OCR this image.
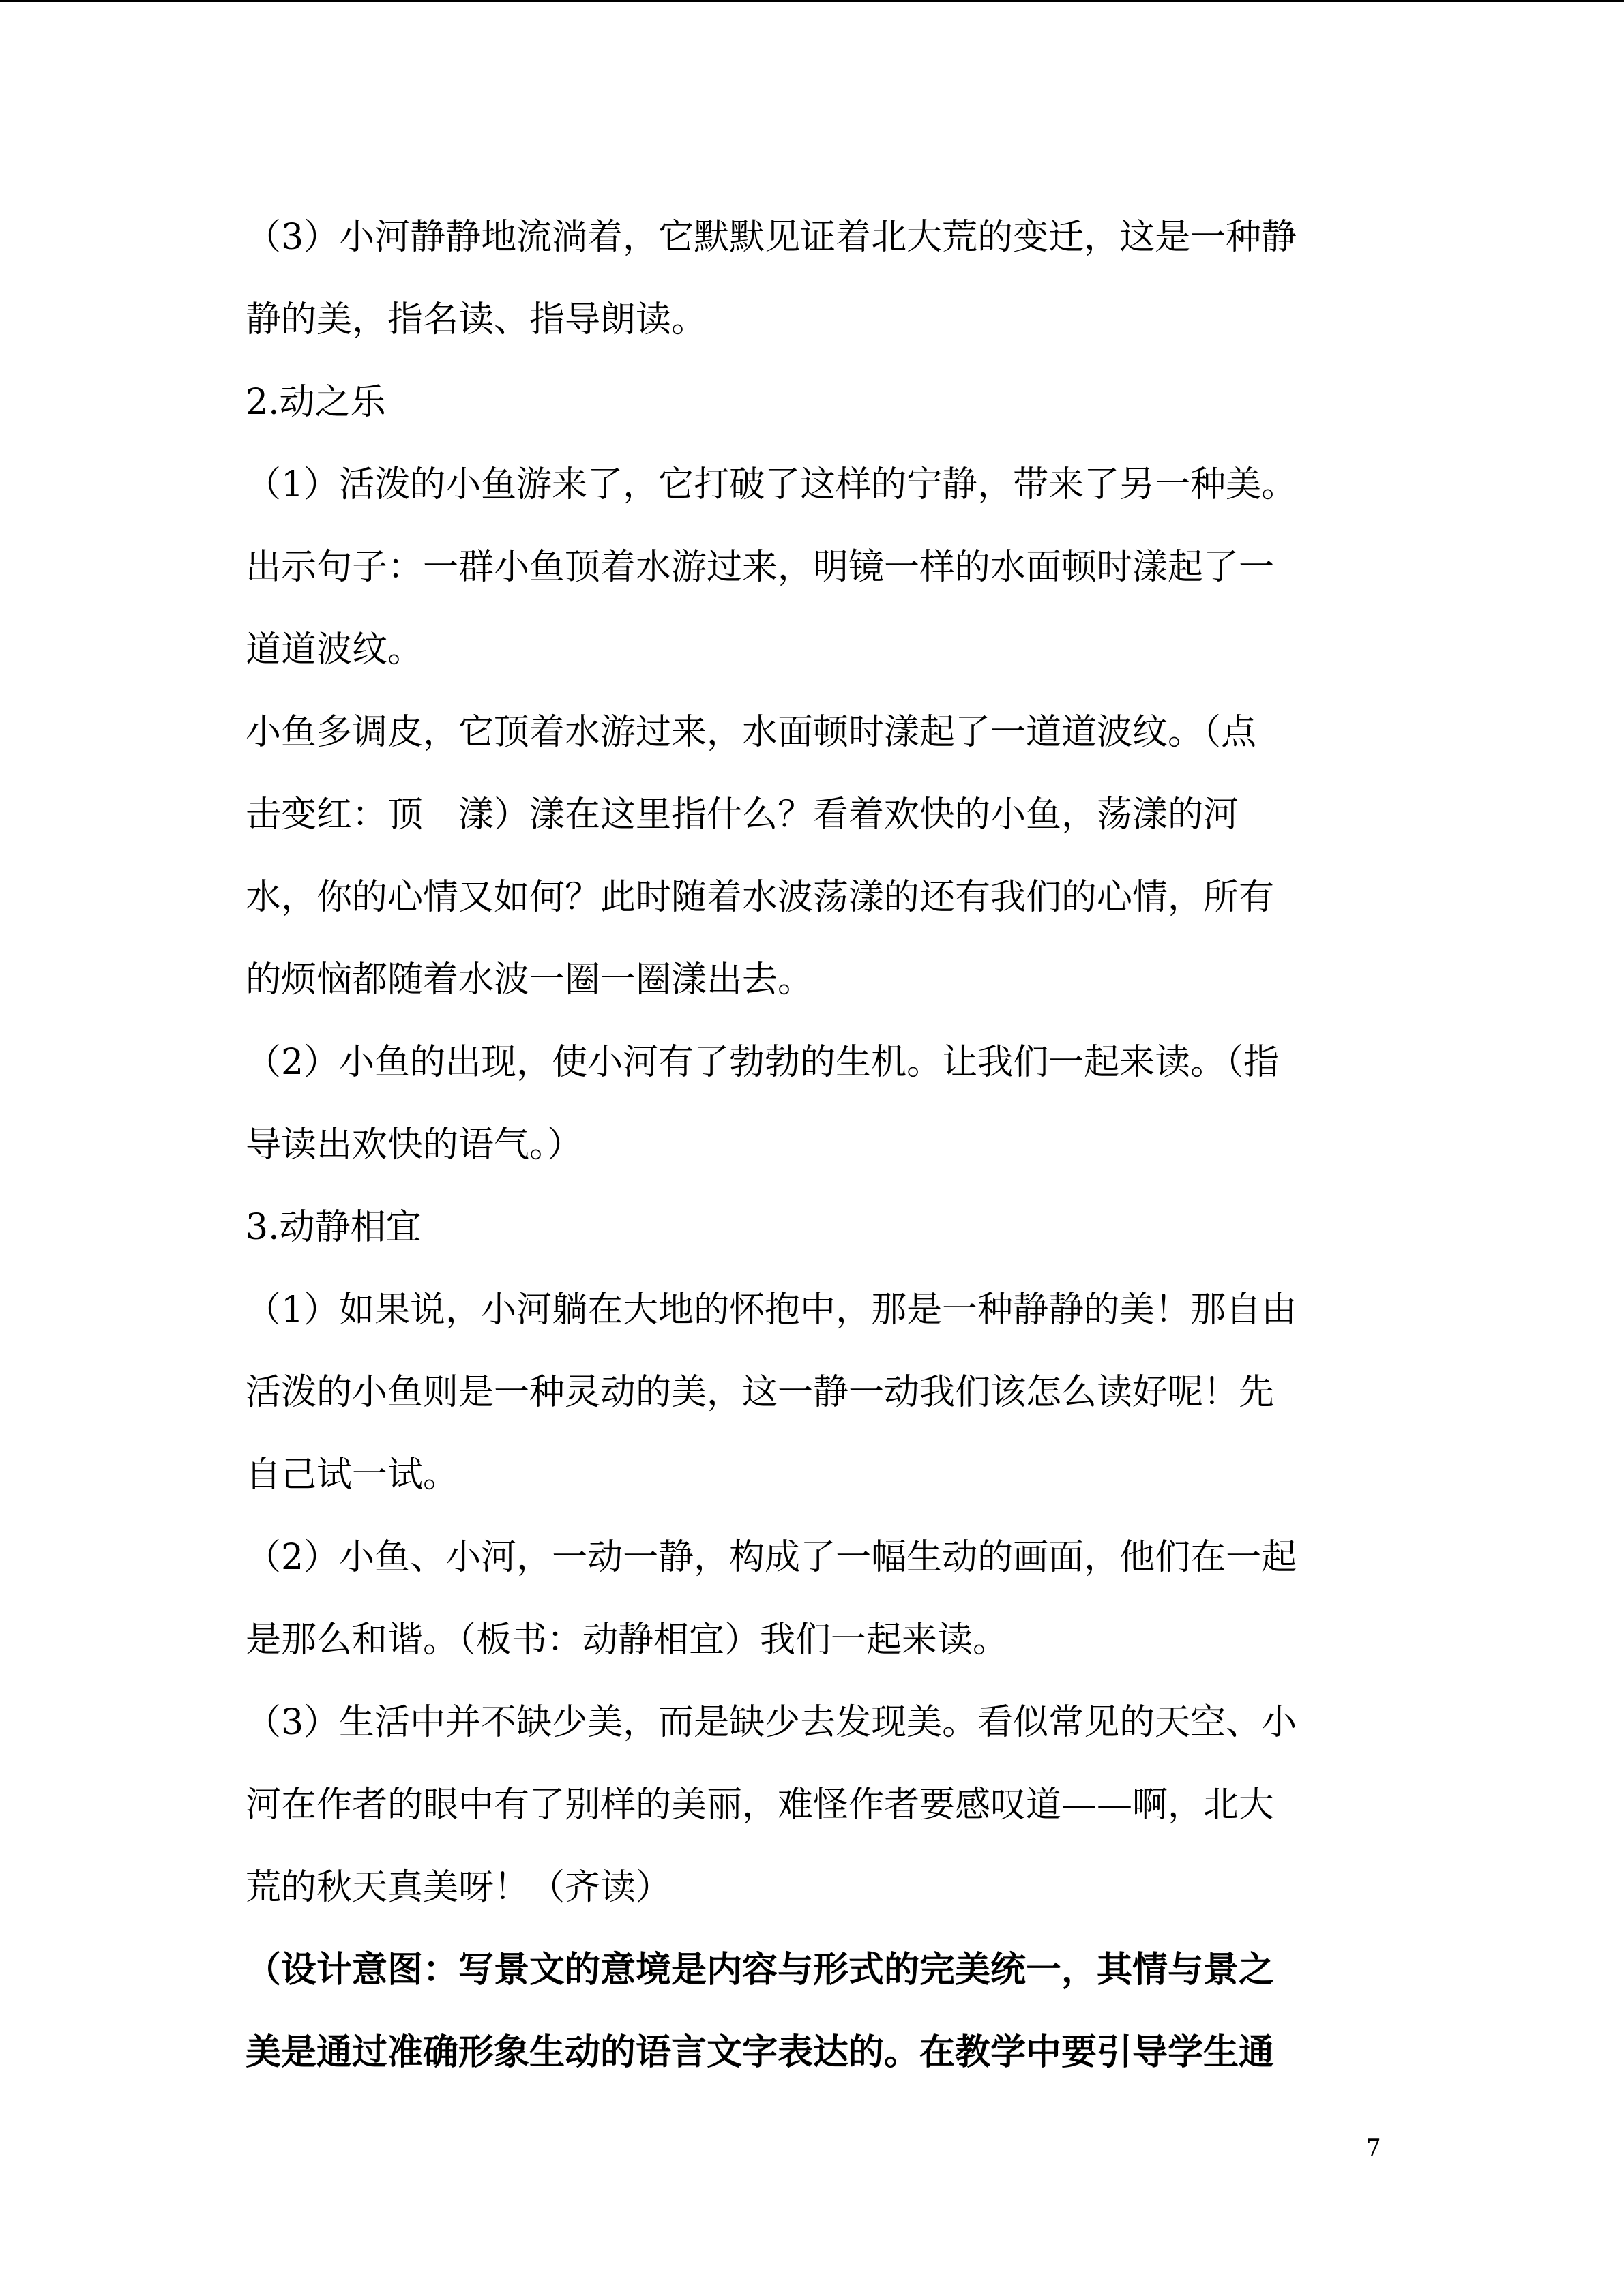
（3）小河静静地流淌着，它默默见证着北大荒的变迁，这是一种静
静的美，指名读、指导朗读。
2.动之乐
（1）活泼的小鱼游来了，它打破了这样的宁静，带来了另一种美。
出示句子：一群小鱼顶着水游过来，明镜一样的水面顿时漾起了一
道道波纹。
小鱼多调皮，它顶着水游过来，水面顿时漾起了一道道波纹。（点
击变红：顶　漾）漾在这里指什么？看着欢快的小鱼，荡漾的河
水，你的心情又如何？此时随着水波荡漾的还有我们的心情，所有
的烦恼都随着水波一圈一圈漾出去。
（2）小鱼的出现，使小河有了勃勃的生机。让我们一起来读。（指
导读出欢快的语气。）
3.动静相宜
（1）如果说，小河躺在大地的怀抱中，那是一种静静的美！那自由
活泼的小鱼则是一种灵动的美，这一静一动我们该怎么读好呢！先
自己试一试。
（2）小鱼、小河，一动一静，构成了一幅生动的画面，他们在一起
是那么和谐。（板书：动静相宜）我们一起来读。
（3）生活中并不缺少美，而是缺少去发现美。看似常见的天空、小
河在作者的眼中有了别样的美丽，难怪作者要感叹道——啊，北大
荒的秋天真美呀！（齐读）
（设计意图：写景文的意境是内容与形式的完美统一，其情与景之
美是通过准确形象生动的语言文字表达的。在教学中要引导学生通
7
